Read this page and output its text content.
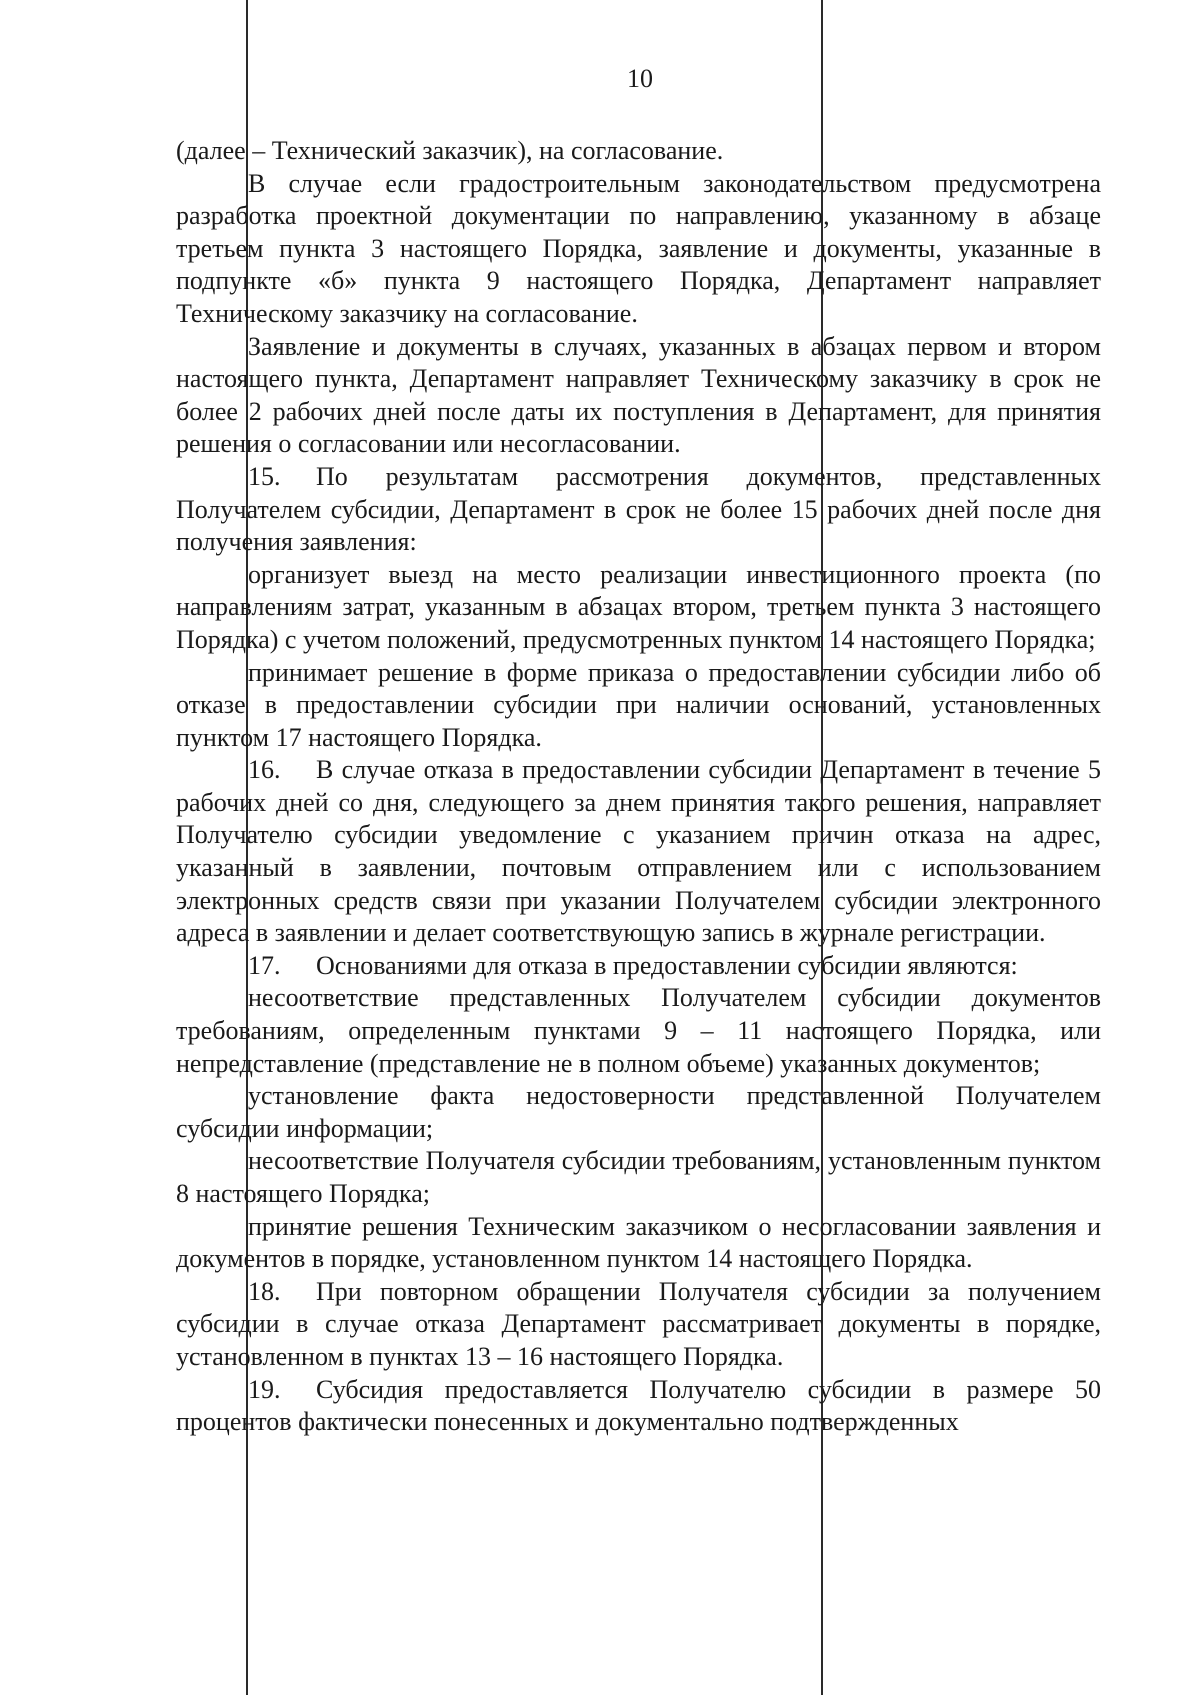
10

(далее – Технический заказчик), на согласование.

В случае если градостроительным законодательством предусмотрена разработка проектной документации по направлению, указанному в абзаце третьем пункта 3 настоящего Порядка, заявление и документы, указанные в подпункте «б» пункта 9 настоящего Порядка, Департамент направляет Техническому заказчику на согласование.

Заявление и документы в случаях, указанных в абзацах первом и втором настоящего пункта, Департамент направляет Техническому заказчику в срок не более 2 рабочих дней после даты их поступления в Департамент, для принятия решения о согласовании или несогласовании.

15. По результатам рассмотрения документов, представленных Получателем субсидии, Департамент в срок не более 15 рабочих дней после дня получения заявления:

организует выезд на место реализации инвестиционного проекта (по направлениям затрат, указанным в абзацах втором, третьем пункта 3 настоящего Порядка) с учетом положений, предусмотренных пунктом 14 настоящего Порядка;

принимает решение в форме приказа о предоставлении субсидии либо об отказе в предоставлении субсидии при наличии оснований, установленных пунктом 17 настоящего Порядка.

16. В случае отказа в предоставлении субсидии Департамент в течение 5 рабочих дней со дня, следующего за днем принятия такого решения, направляет Получателю субсидии уведомление с указанием причин отказа на адрес, указанный в заявлении, почтовым отправлением или с использованием электронных средств связи при указании Получателем субсидии электронного адреса в заявлении и делает соответствующую запись в журнале регистрации.

17. Основаниями для отказа в предоставлении субсидии являются:

несоответствие представленных Получателем субсидии документов требованиям, определенным пунктами 9 – 11 настоящего Порядка, или непредставление (представление не в полном объеме) указанных документов;

установление факта недостоверности представленной Получателем субсидии информации;

несоответствие Получателя субсидии требованиям, установленным пунктом 8 настоящего Порядка;

принятие решения Техническим заказчиком о несогласовании заявления и документов в порядке, установленном пунктом 14 настоящего Порядка.

18. При повторном обращении Получателя субсидии за получением субсидии в случае отказа Департамент рассматривает документы в порядке, установленном в пунктах 13 – 16 настоящего Порядка.

19. Субсидия предоставляется Получателю субсидии в размере 50 процентов фактически понесенных и документально подтвержденных
